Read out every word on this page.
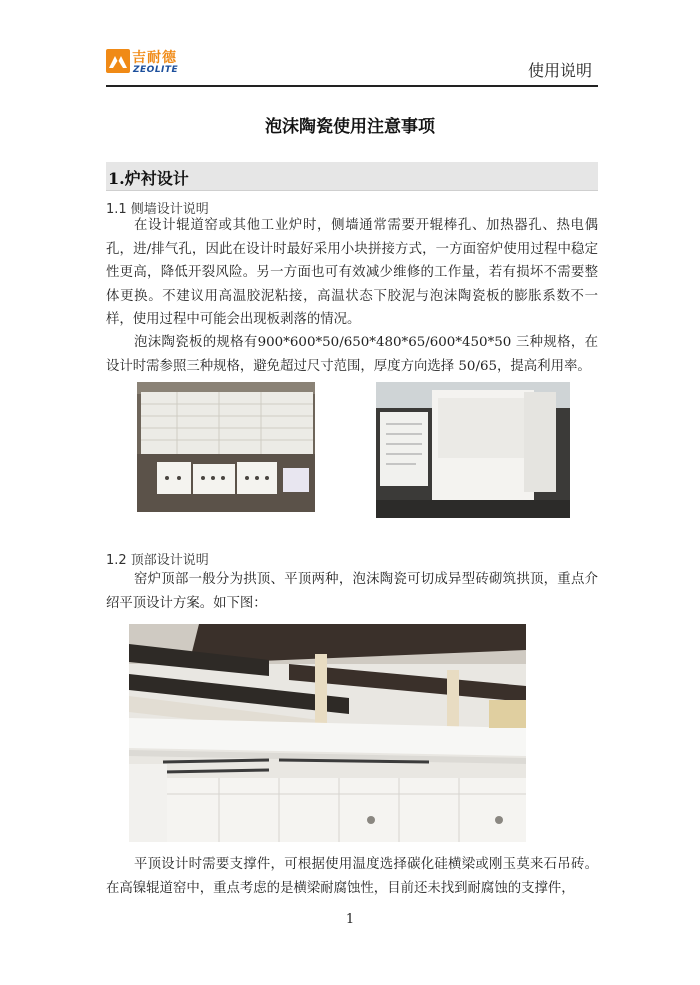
吉耐德
ZEOLITE	使用说明
泡沫陶瓷使用注意事项
1.炉衬设计
1.1 侧墙设计说明
在设计辊道窑或其他工业炉时，侧墙通常需要开辊棒孔、加热器孔、热电偶孔，进/排气孔，因此在设计时最好采用小块拼接方式，一方面窑炉使用过程中稳定性更高，降低开裂风险。另一方面也可有效减少维修的工作量，若有损坏不需要整体更换。不建议用高温胶泥粘接，高温状态下胶泥与泡沫陶瓷板的膨胀系数不一样，使用过程中可能会出现板剥落的情况。
泡沫陶瓷板的规格有900*600*50/650*480*65/600*450*50 三种规格，在设计时需参照三种规格，避免超过尺寸范围，厚度方向选择 50/65，提高利用率。
1.2 顶部设计说明
窑炉顶部一般分为拱顶、平顶两种，泡沫陶瓷可切成异型砖砌筑拱顶，重点介绍平顶设计方案。如下图：
平顶设计时需要支撑件，可根据使用温度选择碳化硅横梁或刚玉莫来石吊砖。在高镍辊道窑中，重点考虑的是横梁耐腐蚀性，目前还未找到耐腐蚀的支撑件，
1
